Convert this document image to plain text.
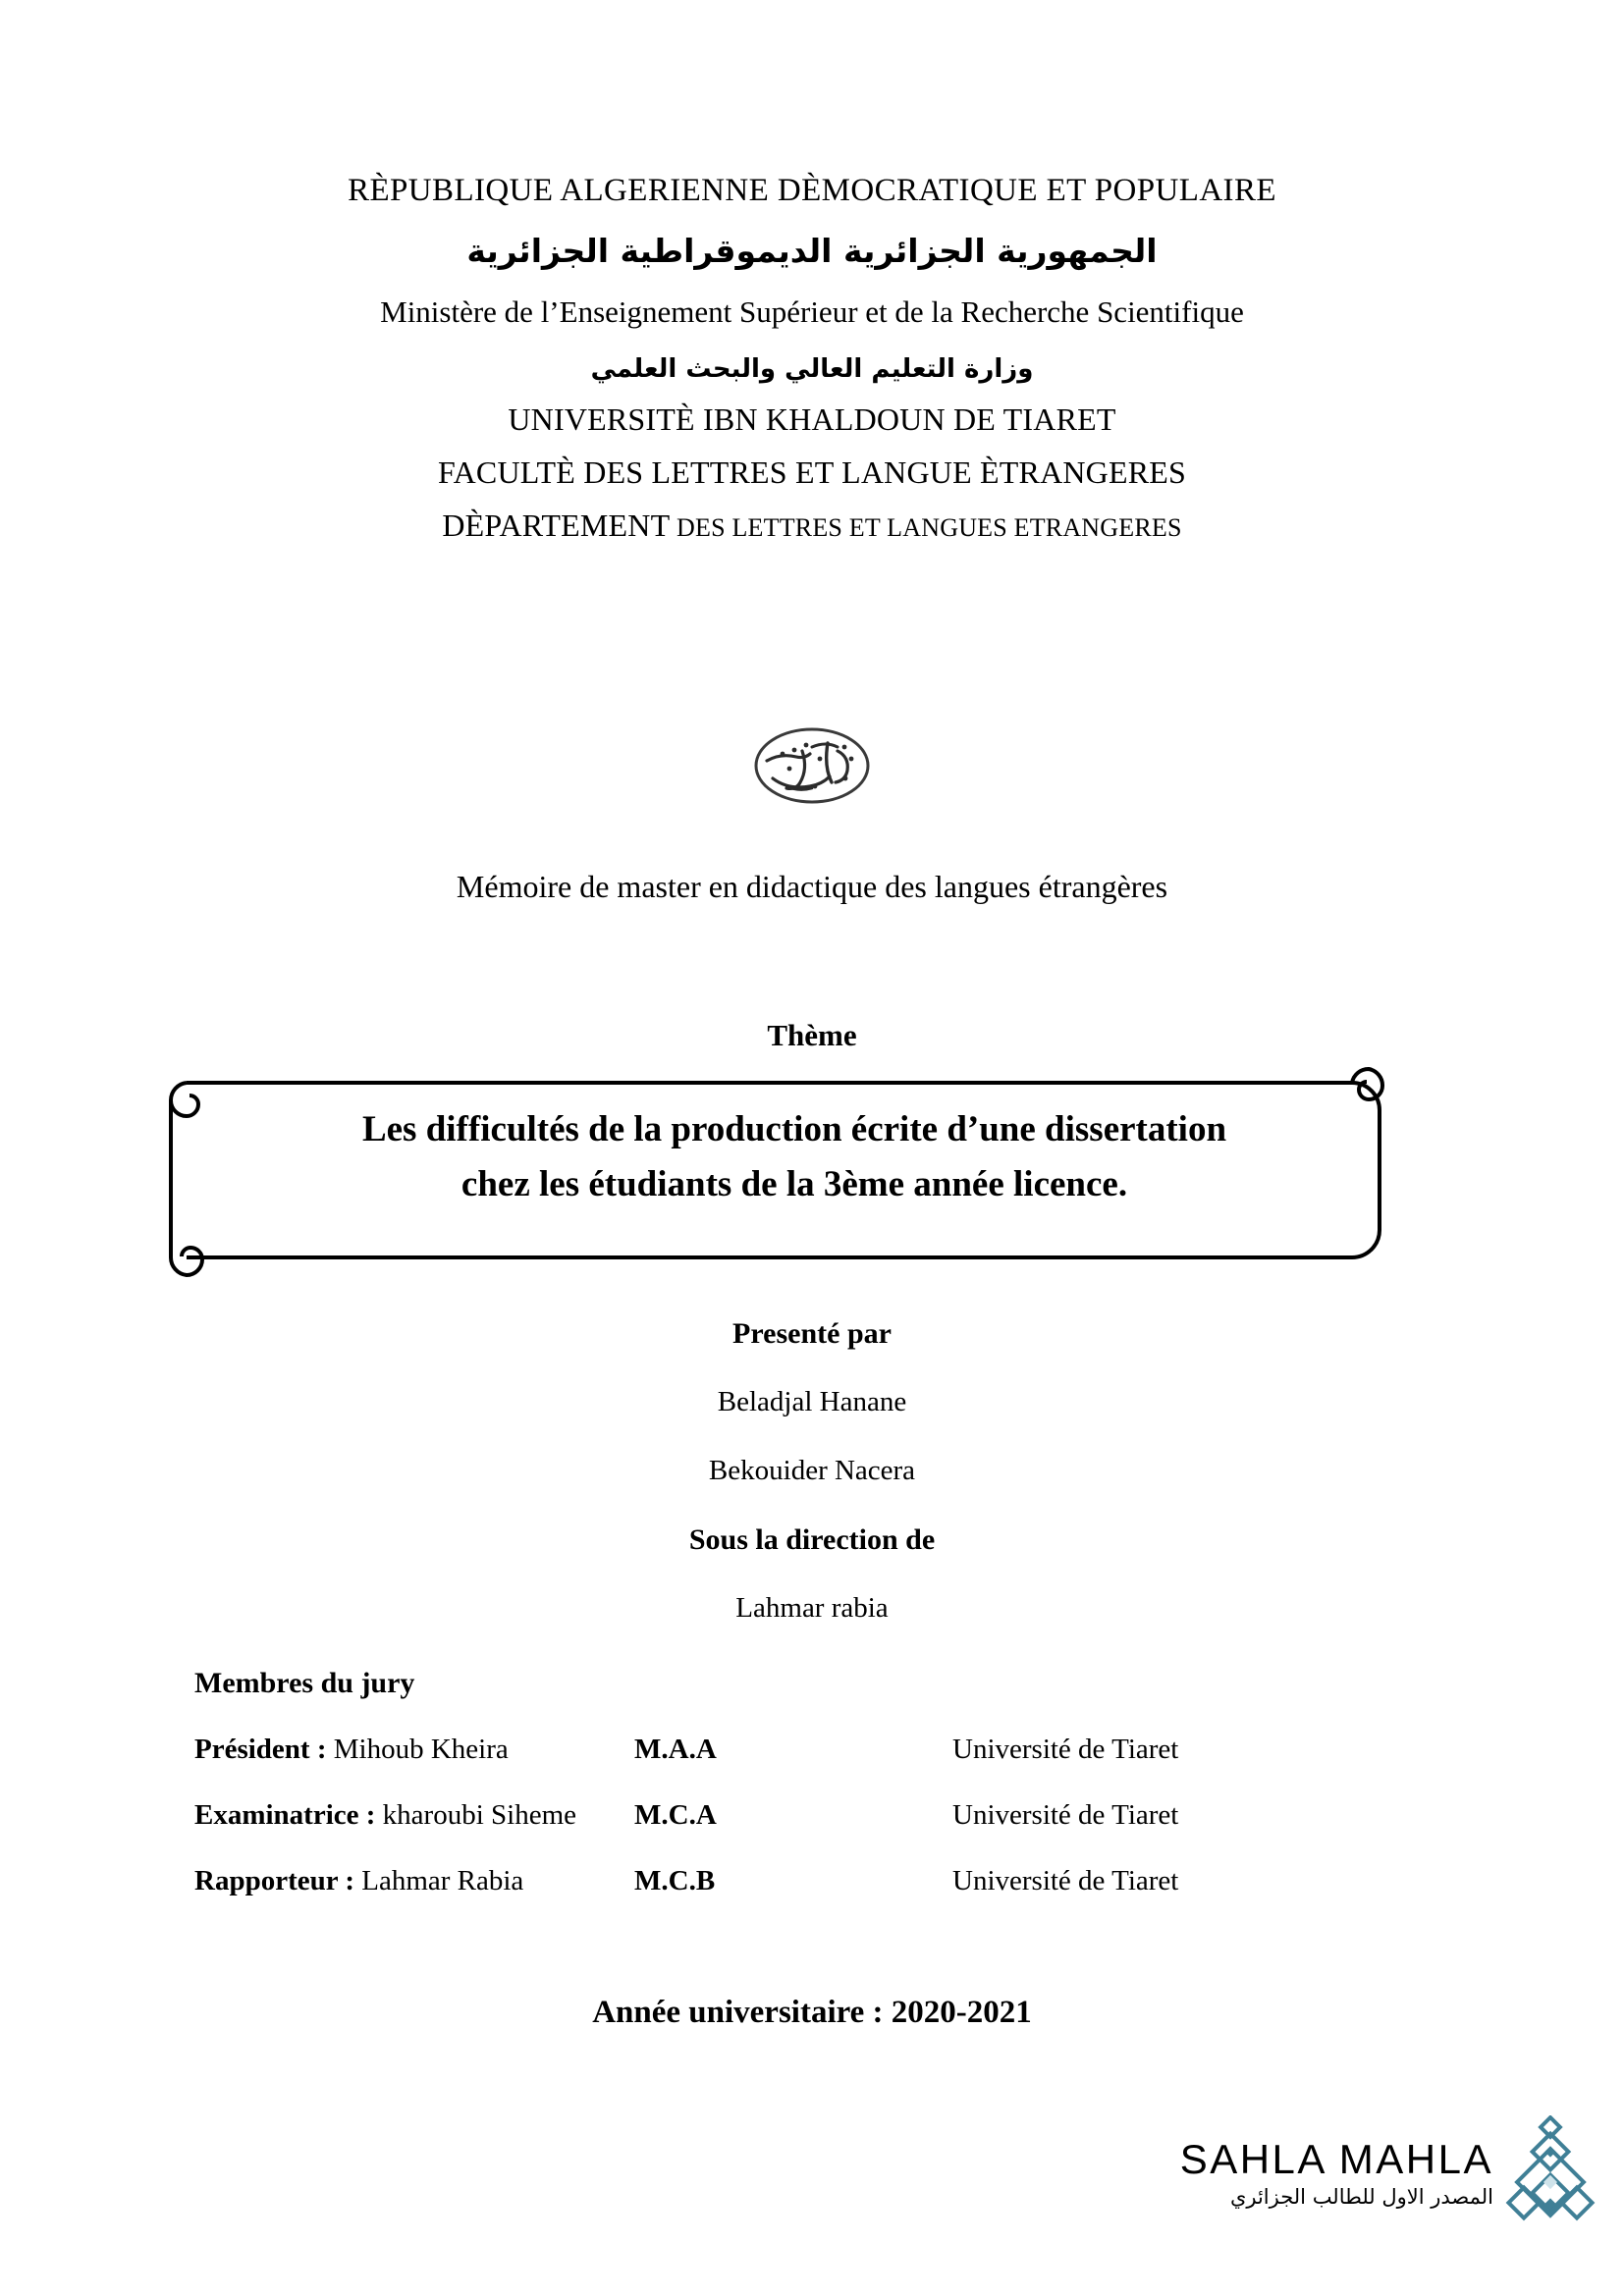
RÈPUBLIQUE ALGERIENNE DÈMOCRATIQUE ET POPULAIRE
الجمهورية الجزائرية الديموقراطية الجزائرية
Ministère de l’Enseignement Supérieur et de la Recherche Scientifique
وزارة التعليم العالي والبحث العلمي
UNIVERSITÈ IBN KHALDOUN DE TIARET
FACULTÈ DES LETTRES ET LANGUE ÈTRANGERES
DÈPARTEMENT DES LETTRES ET LANGUES ETRANGERES
Mémoire de master en didactique des langues étrangères
Thème
Les difficultés de la production écrite d’une dissertation
chez les étudiants de la 3ème année licence.
Presenté par
Beladjal Hanane
Bekouider Nacera
Sous la direction de
Lahmar rabia
Membres du jury
Président : Mihoub Kheira	M.A.A	Université de Tiaret
Examinatrice : kharoubi Siheme	M.C.A	Université de Tiaret
Rapporteur : Lahmar Rabia	M.C.B	Université de Tiaret
Année universitaire : 2020-2021
SAHLA MAHLA
المصدر الاول للطالب الجزائري
